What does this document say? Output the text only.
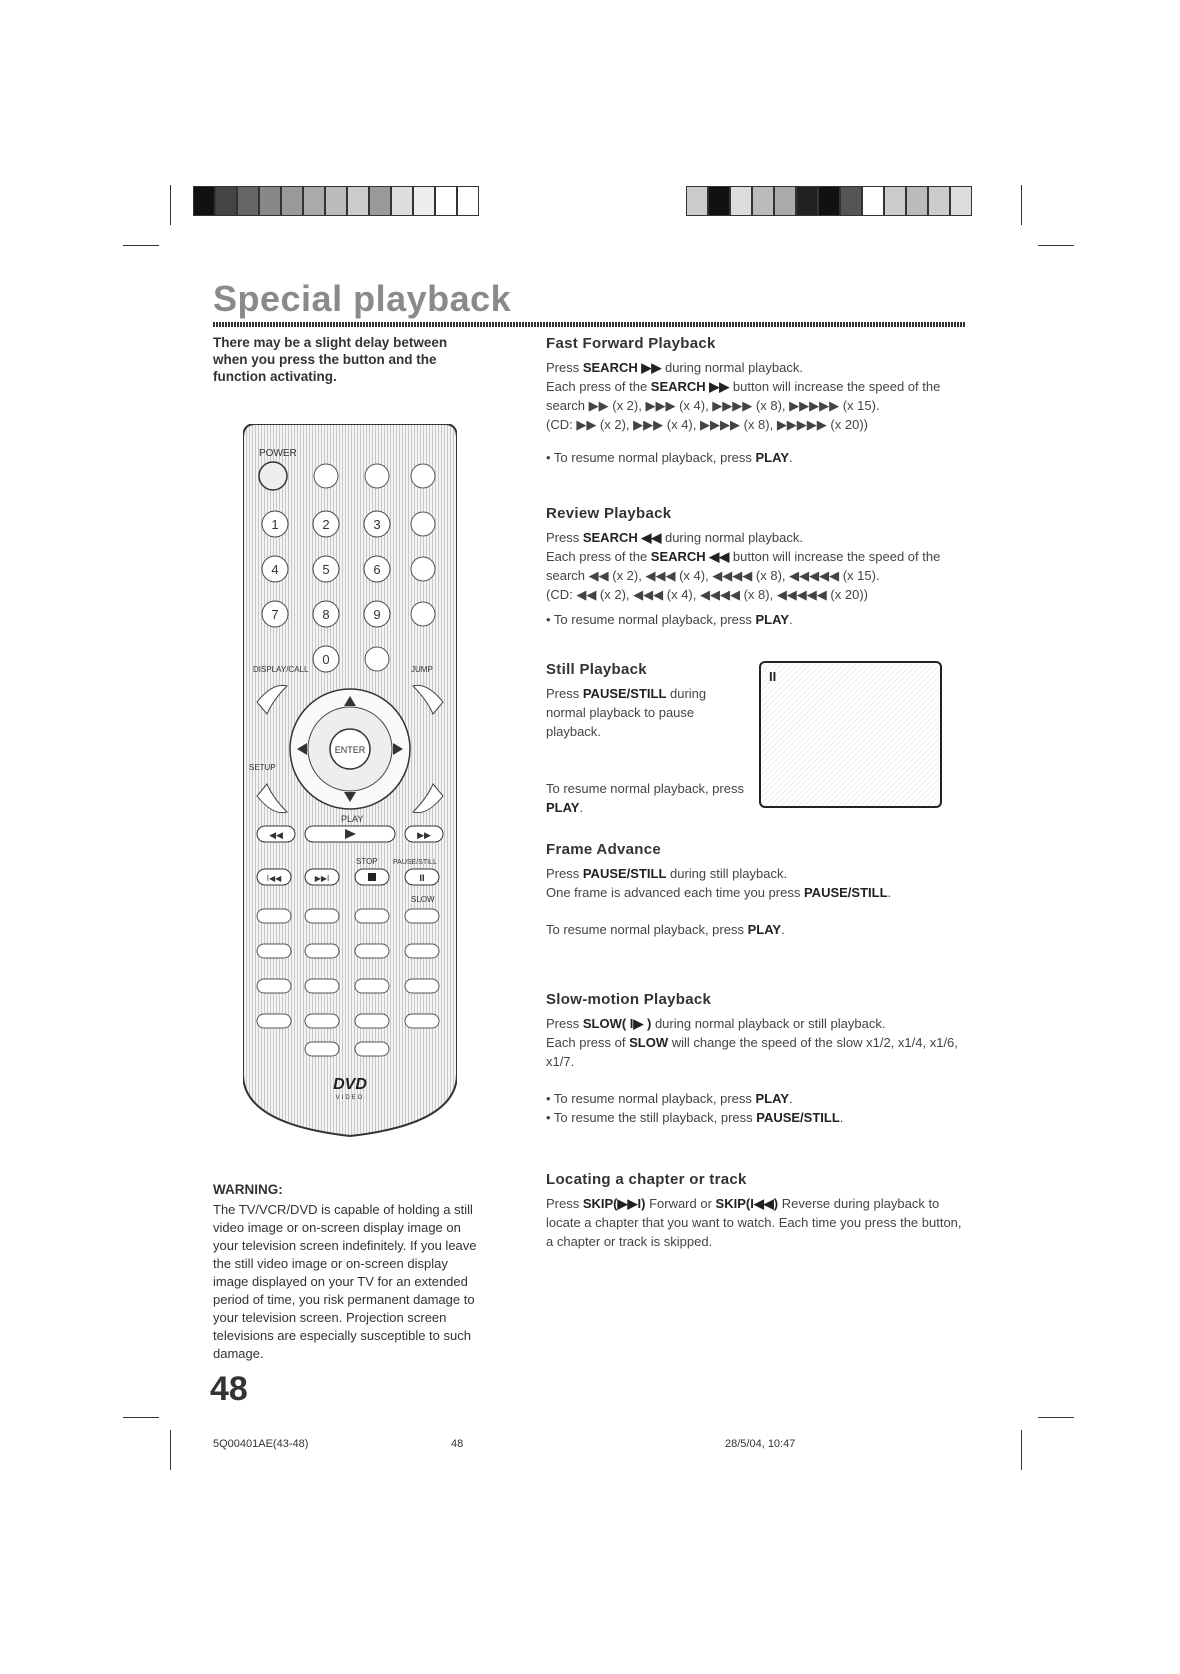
Special playback
There may be a slight delay between when you press the button and the function activating.
POWER
1	2	3
4	5	6
7	8	9
0
DISPLAY/CALL	JUMP
ENTER
SETUP
PLAY
◀◀	▶▶
STOP PAUSE/STILL
I◀◀	▶▶I	II
SLOW
DVD
VIDEO
Fast Forward Playback

Press SEARCH ▶▶ during normal playback.

Each press of the SEARCH ▶▶ button will increase the speed of the search ▶▶ (x 2), ▶▶▶ (x 4), ▶▶▶▶ (x 8), ▶▶▶▶▶ (x 15).

(CD: ▶▶ (x 2), ▶▶▶ (x 4), ▶▶▶▶ (x 8), ▶▶▶▶▶ (x 20))

• To resume normal playback, press PLAY.

Review Playback

Press SEARCH ◀◀ during normal playback.

Each press of the SEARCH ◀◀ button will increase the speed of the search ◀◀ (x 2), ◀◀◀ (x 4), ◀◀◀◀ (x 8), ◀◀◀◀◀ (x 15).

(CD: ◀◀ (x 2), ◀◀◀ (x 4), ◀◀◀◀ (x 8), ◀◀◀◀◀ (x 20))

• To resume normal playback, press PLAY.

Still Playback

Press PAUSE/STILL during normal playback to pause playback.

To resume normal playback, press PLAY.

II
Frame Advance

Press PAUSE/STILL during still playback.

One frame is advanced each time you press PAUSE/STILL.

To resume normal playback, press PLAY.

Slow-motion Playback

Press SLOW( I▶ ) during normal playback or still playback.

Each press of SLOW will change the speed of the slow x1/2, x1/4, x1/6, x1/7.

• To resume normal playback, press PLAY.

• To resume the still playback, press PAUSE/STILL.

Locating a chapter or track

Press SKIP(▶▶I) Forward or SKIP(I◀◀) Reverse during playback to locate a chapter that you want to watch. Each time you press the button, a chapter or track is skipped.

WARNING:
The TV/VCR/DVD is capable of holding a still video image or on-screen display image on your television screen indefinitely. If you leave the still video image or on-screen display image displayed on your TV for an extended period of time, you risk permanent damage to your television screen. Projection screen televisions are especially susceptible to such damage.
48
5Q00401AE(43-48)	48	28/5/04, 10:47
